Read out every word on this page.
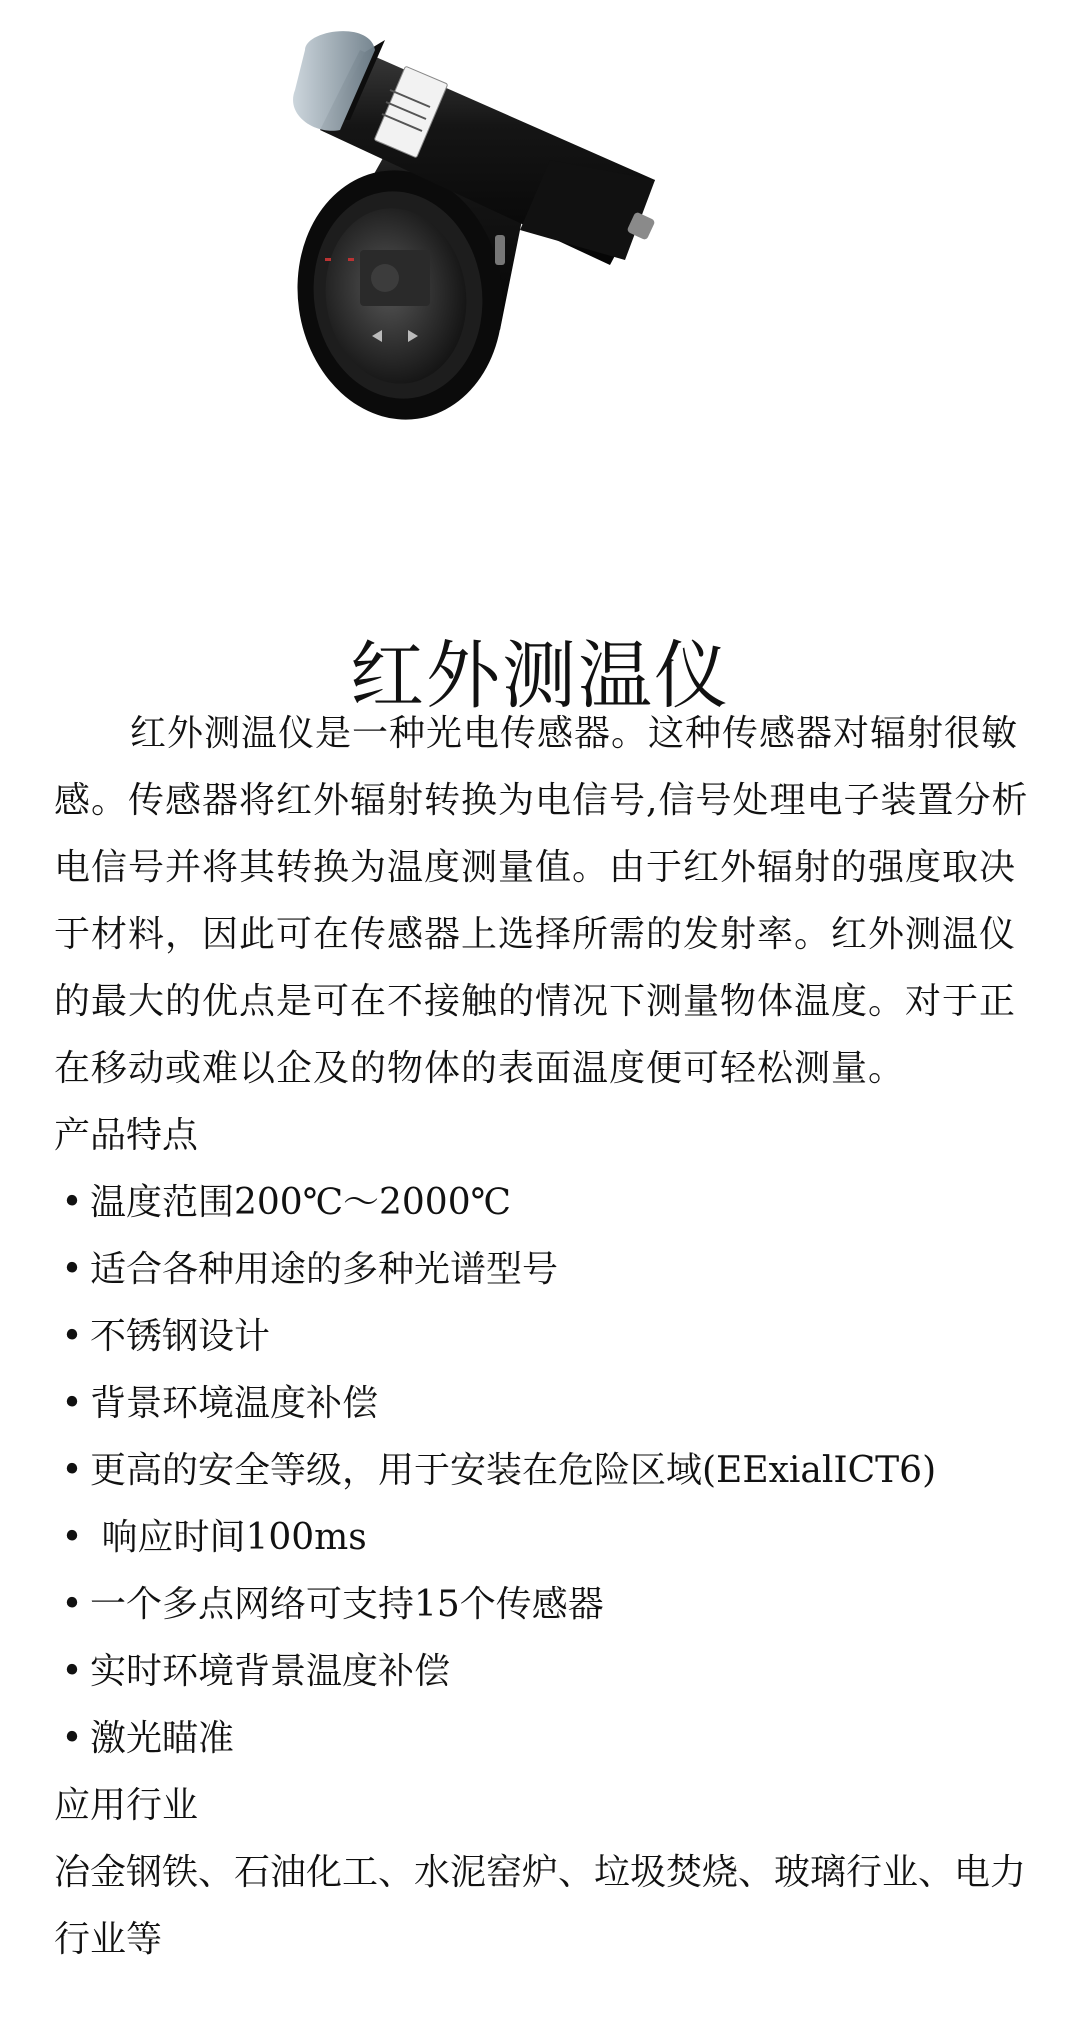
红外测温仪

红外测温仪是一种光电传感器。这种传感器对辐射很敏感。传感器将红外辐射转换为电信号,信号处理电子装置分析电信号并将其转换为温度测量值。由于红外辐射的强度取决于材料，因此可在传感器上选择所需的发射率。红外测温仪的最大的优点是可在不接触的情况下测量物体温度。对于正在移动或难以企及的物体的表面温度便可轻松测量。

产品特点

• 温度范围200℃～2000℃
• 适合各种用途的多种光谱型号
• 不锈钢设计
• 背景环境温度补偿
• 更高的安全等级，用于安装在危险区域(EExialICT6)
• 响应时间100ms
• 一个多点网络可支持15个传感器
• 实时环境背景温度补偿
• 激光瞄准

应用行业

冶金钢铁、石油化工、水泥窑炉、垃圾焚烧、玻璃行业、电力行业等
